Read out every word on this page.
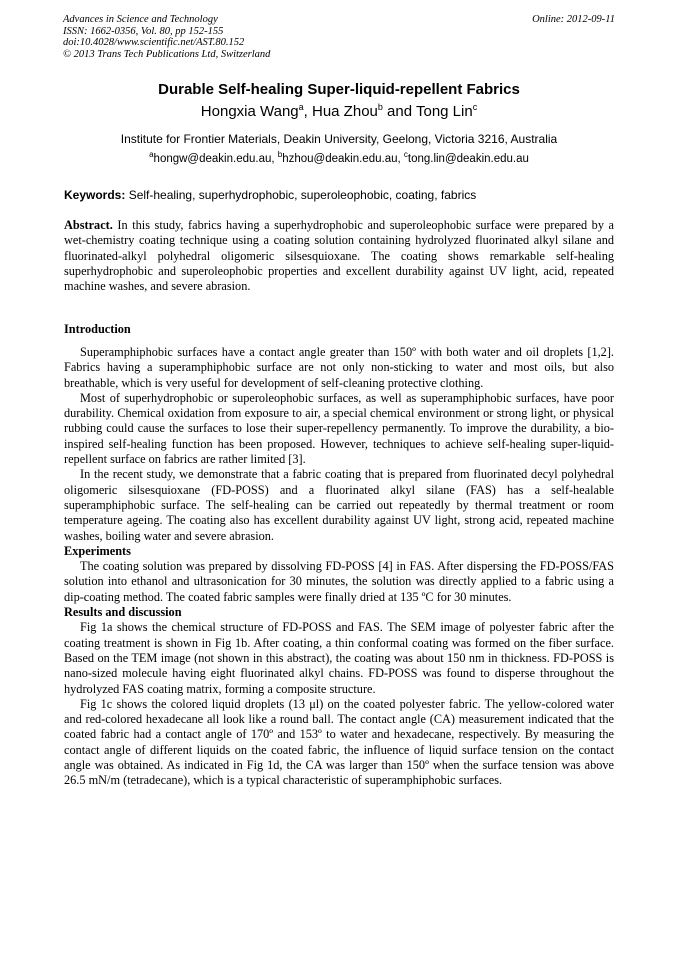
Advances in Science and Technology
ISSN: 1662-0356, Vol. 80, pp 152-155
doi:10.4028/www.scientific.net/AST.80.152
© 2013 Trans Tech Publications Ltd, Switzerland
Online: 2012-09-11
Durable Self-healing Super-liquid-repellent Fabrics
Hongxia Wang$^a$, Hua Zhou$^b$ and Tong Lin$^c$
Institute for Frontier Materials, Deakin University, Geelong, Victoria 3216, Australia
$^a$hongw@deakin.edu.au, $^b$hzhou@deakin.edu.au, $^c$tong.lin@deakin.edu.au
Keywords: Self-healing, superhydrophobic, superoleophobic, coating, fabrics

Abstract. In this study, fabrics having a superhydrophobic and superoleophobic surface were prepared by a wet-chemistry coating technique using a coating solution containing hydrolyzed fluorinated alkyl silane and fluorinated-alkyl polyhedral oligomeric silsesquioxane. The coating shows remarkable self-healing superhydrophobic and superoleophobic properties and excellent durability against UV light, acid, repeated machine washes, and severe abrasion.

Introduction

Superamphiphobic surfaces have a contact angle greater than 150º with both water and oil droplets [1,2]. Fabrics having a superamphiphobic surface are not only non-sticking to water and most oils, but also breathable, which is very useful for development of self-cleaning protective clothing.

Most of superhydrophobic or superoleophobic surfaces, as well as superamphiphobic surfaces, have poor durability. Chemical oxidation from exposure to air, a special chemical environment or strong light, or physical rubbing could cause the surfaces to lose their super-repellency permanently. To improve the durability, a bio-inspired self-healing function has been proposed. However, techniques to achieve self-healing super-liquid-repellent surface on fabrics are rather limited [3].

In the recent study, we demonstrate that a fabric coating that is prepared from fluorinated decyl polyhedral oligomeric silsesquioxane (FD-POSS) and a fluorinated alkyl silane (FAS) has a self-healable superamphiphobic surface. The self-healing can be carried out repeatedly by thermal treatment or room temperature ageing. The coating also has excellent durability against UV light, strong acid, repeated machine washes, boiling water and severe abrasion.

Experiments

The coating solution was prepared by dissolving FD-POSS [4] in FAS. After dispersing the FD-POSS/FAS solution into ethanol and ultrasonication for 30 minutes, the solution was directly applied to a fabric using a dip-coating method. The coated fabric samples were finally dried at 135 ºC for 30 minutes.

Results and discussion

Fig 1a shows the chemical structure of FD-POSS and FAS. The SEM image of polyester fabric after the coating treatment is shown in Fig 1b. After coating, a thin conformal coating was formed on the fiber surface. Based on the TEM image (not shown in this abstract), the coating was about 150 nm in thickness. FD-POSS is nano-sized molecule having eight fluorinated alkyl chains. FD-POSS was found to disperse throughout the hydrolyzed FAS coating matrix, forming a composite structure.

Fig 1c shows the colored liquid droplets (13 μl) on the coated polyester fabric. The yellow-colored water and red-colored hexadecane all look like a round ball. The contact angle (CA) measurement indicated that the coated fabric had a contact angle of 170º and 153º to water and hexadecane, respectively. By measuring the contact angle of different liquids on the coated fabric, the influence of liquid surface tension on the contact angle was obtained. As indicated in Fig 1d, the CA was larger than 150º when the surface tension was above 26.5 mN/m (tetradecane), which is a typical characteristic of superamphiphobic surfaces.
